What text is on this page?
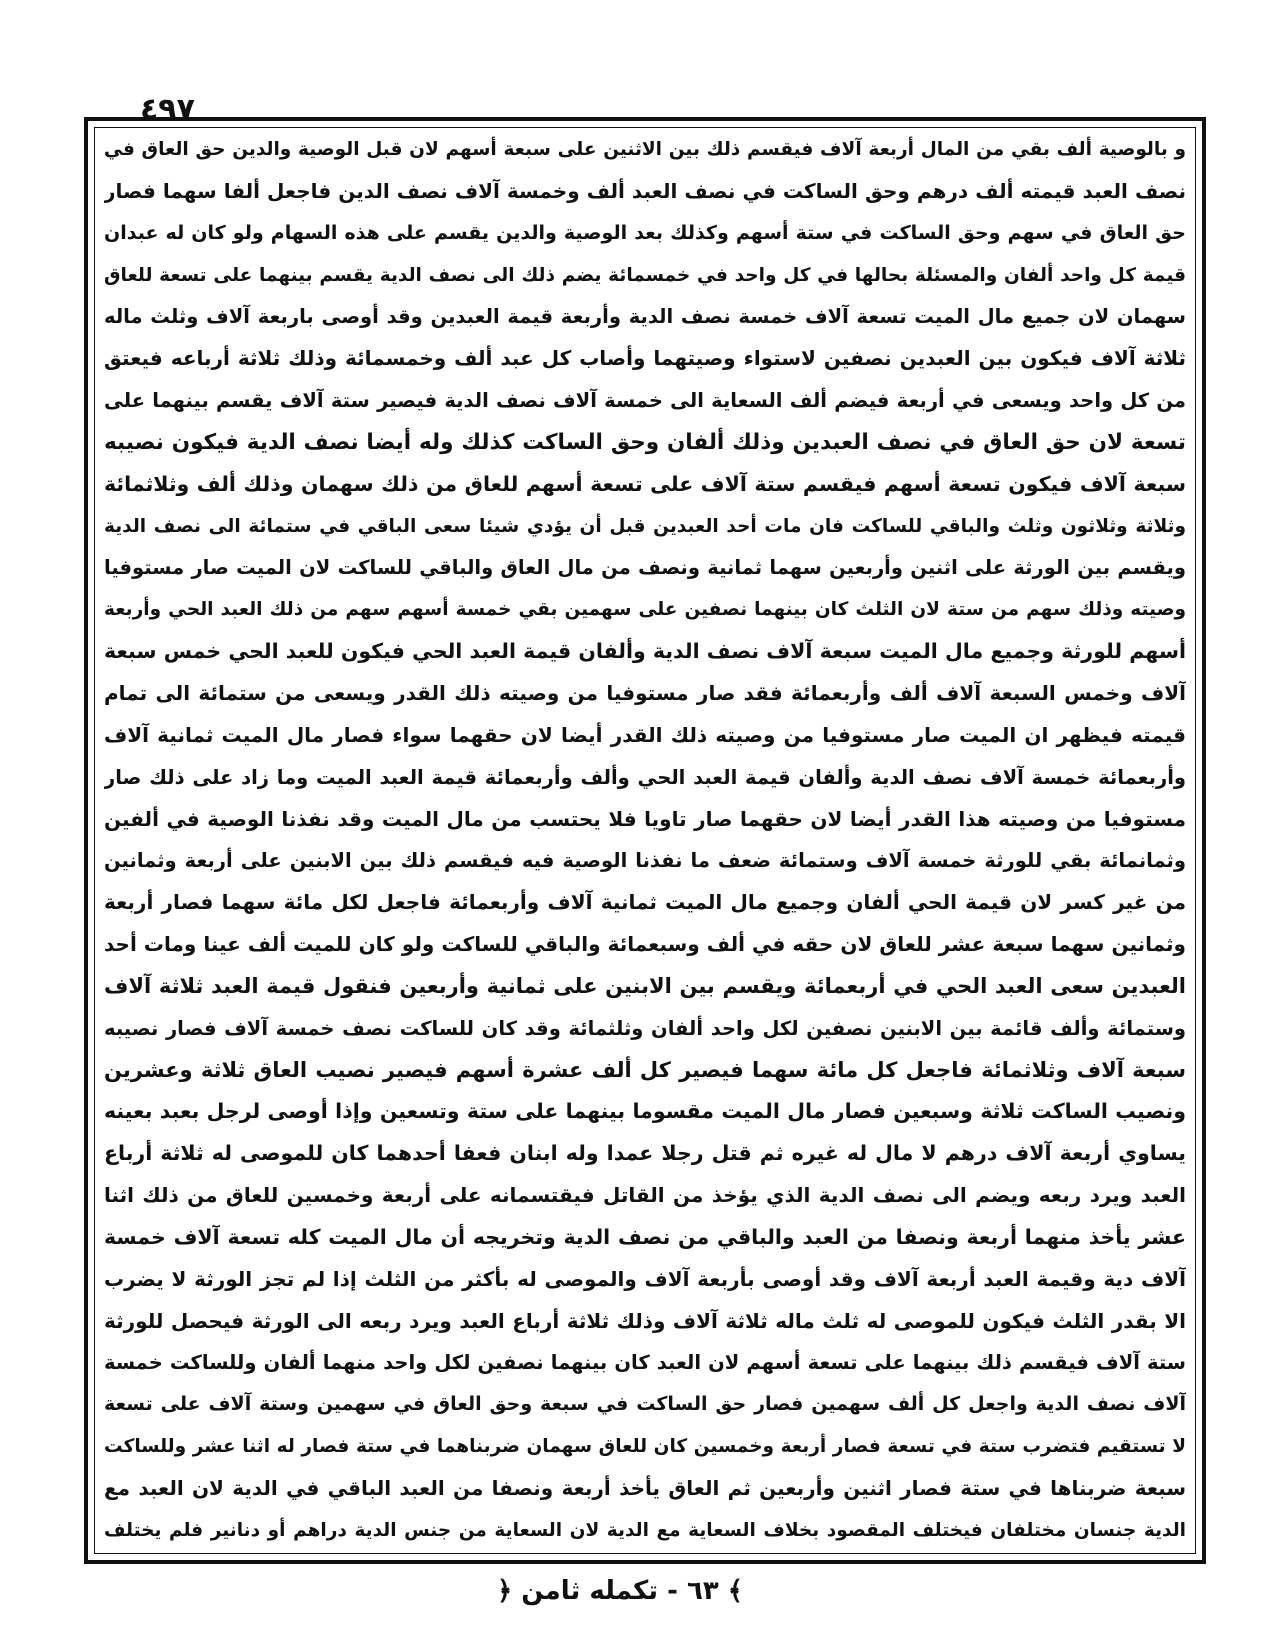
٤٩٧
و بالوصية ألف بقي من المال أربعة آلاف فيقسم ذلك بين الاثنين على سبعة أسهم لان قبل الوصية والدين حق العاق في
نصف العبد قيمته ألف درهم وحق الساكت في نصف العبد ألف وخمسة آلاف نصف الدين فاجعل ألفا سهما فصار
حق العاق في سهم وحق الساكت في ستة أسهم وكذلك بعد الوصية والدين يقسم على هذه السهام ولو كان له عبدان
قيمة كل واحد ألفان والمسئلة بحالها في كل واحد في خمسمائة يضم ذلك الى نصف الدية يقسم بينهما على تسعة للعاق
سهمان لان جميع مال الميت تسعة آلاف خمسة نصف الدية وأربعة قيمة العبدين وقد أوصى باربعة آلاف وثلث ماله
ثلاثة آلاف فيكون بين العبدين نصفين لاستواء وصيتهما وأصاب كل عبد ألف وخمسمائة وذلك ثلاثة أرباعه فيعتق
من كل واحد ويسعى في أربعة فيضم ألف السعاية الى خمسة آلاف نصف الدية فيصير ستة آلاف يقسم بينهما على
تسعة لان حق العاق في نصف العبدين وذلك ألفان وحق الساكت كذلك وله أيضا نصف الدية فيكون نصيبه
سبعة آلاف فيكون تسعة أسهم فيقسم ستة آلاف على تسعة أسهم للعاق من ذلك سهمان وذلك ألف وثلاثمائة
وثلاثة وثلاثون وثلث والباقي للساكت فان مات أحد العبدين قبل أن يؤدي شيئا سعى الباقي في ستمائة الى نصف الدية
ويقسم بين الورثة على اثنين وأربعين سهما ثمانية ونصف من مال العاق والباقي للساكت لان الميت صار مستوفيا
وصيته وذلك سهم من ستة لان الثلث كان بينهما نصفين على سهمين بقي خمسة أسهم سهم من ذلك العبد الحي وأربعة
أسهم للورثة وجميع مال الميت سبعة آلاف نصف الدية وألفان قيمة العبد الحي فيكون للعبد الحي خمس سبعة
آلاف وخمس السبعة آلاف ألف وأربعمائة فقد صار مستوفيا من وصيته ذلك القدر ويسعى من ستمائة الى تمام
قيمته فيظهر ان الميت صار مستوفيا من وصيته ذلك القدر أيضا لان حقهما سواء فصار مال الميت ثمانية آلاف
وأربعمائة خمسة آلاف نصف الدية وألفان قيمة العبد الحي وألف وأربعمائة قيمة العبد الميت وما زاد على ذلك صار
مستوفيا من وصيته هذا القدر أيضا لان حقهما صار تاويا فلا يحتسب من مال الميت وقد نفذنا الوصية في ألفين
وثمانمائة بقي للورثة خمسة آلاف وستمائة ضعف ما نفذنا الوصية فيه فيقسم ذلك بين الابنين على أربعة وثمانين
من غير كسر لان قيمة الحي ألفان وجميع مال الميت ثمانية آلاف وأربعمائة فاجعل لكل مائة سهما فصار أربعة
وثمانين سهما سبعة عشر للعاق لان حقه في ألف وسبعمائة والباقي للساكت ولو كان للميت ألف عينا ومات أحد
العبدين سعى العبد الحي في أربعمائة ويقسم بين الابنين على ثمانية وأربعين فنقول قيمة العبد ثلاثة آلاف
وستمائة وألف قائمة بين الابنين نصفين لكل واحد ألفان وثلثمائة وقد كان للساكت نصف خمسة آلاف فصار نصيبه
سبعة آلاف وثلاثمائة فاجعل كل مائة سهما فيصير كل ألف عشرة أسهم فيصير نصيب العاق ثلاثة وعشرين
ونصيب الساكت ثلاثة وسبعين فصار مال الميت مقسوما بينهما على ستة وتسعين وإذا أوصى لرجل بعبد بعينه
يساوي أربعة آلاف درهم لا مال له غيره ثم قتل رجلا عمدا وله ابنان فعفا أحدهما كان للموصى له ثلاثة أرباع
العبد ويرد ربعه ويضم الى نصف الدية الذي يؤخذ من القاتل فيقتسمانه على أربعة وخمسين للعاق من ذلك اثنا
عشر يأخذ منهما أربعة ونصفا من العبد والباقي من نصف الدية وتخريجه أن مال الميت كله تسعة آلاف خمسة
آلاف دية وقيمة العبد أربعة آلاف وقد أوصى بأربعة آلاف والموصى له بأكثر من الثلث إذا لم تجز الورثة لا يضرب
الا بقدر الثلث فيكون للموصى له ثلث ماله ثلاثة آلاف وذلك ثلاثة أرباع العبد ويرد ربعه الى الورثة فيحصل للورثة
ستة آلاف فيقسم ذلك بينهما على تسعة أسهم لان العبد كان بينهما نصفين لكل واحد منهما ألفان وللساكت خمسة
آلاف نصف الدية واجعل كل ألف سهمين فصار حق الساكت في سبعة وحق العاق في سهمين وستة آلاف على تسعة
لا تستقيم فتضرب ستة في تسعة فصار أربعة وخمسين كان للعاق سهمان ضربناهما في ستة فصار له اثنا عشر وللساكت
سبعة ضربناها في ستة فصار اثنين وأربعين ثم العاق يأخذ أربعة ونصفا من العبد الباقي في الدية لان العبد مع
الدية جنسان مختلفان فيختلف المقصود بخلاف السعاية مع الدية لان السعاية من جنس الدية دراهم أو دنانير فلم يختلف
﴾ ٦٣ - تكمله ثامن ﴿
